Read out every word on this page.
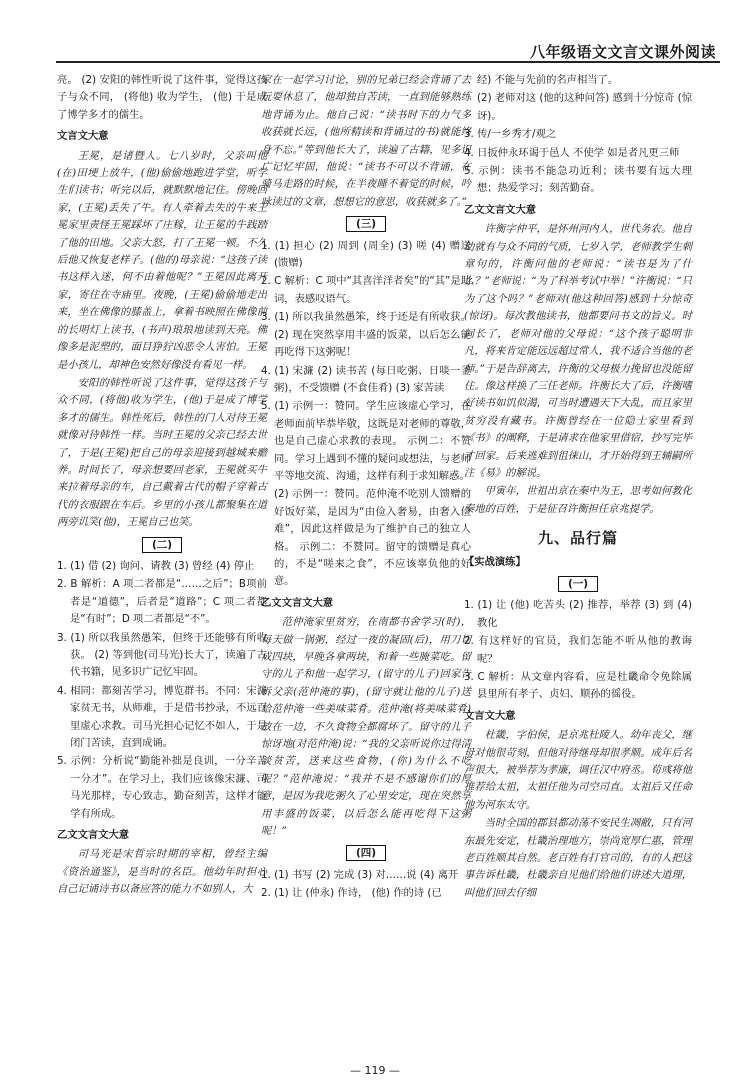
八年级语文文言文课外阅读

亮。 (2) 安阳的韩性听说了这件事，觉得这孩子与众不同， (将他) 收为学生， (他) 于是成了博学多才的儒生。

文言文大意

王冕，是诸暨人。七八岁时，父亲叫他(在)田埂上放牛，(他)偷偷地跑进学堂，听学生们读书；听完以后，就默默地记住。傍晚回家，(王冕)丢失了牛。有人牵着去失的牛来王冕家里责怪王冕踩坏了庄稼，让王冕的牛践踏了他的田地。父亲大怒，打了王冕一顿。不久后他又恢复老样子。(他的)母亲说：“这孩子读书这样入迷，何不由着他呢？”王冕因此离开家，寄住在寺庙里。夜晚，(王冕)偷偷地走出来，坐在佛像的膝盖上，拿着书映照在佛像前的长明灯上读书，(书声)琅琅地读到天亮。佛像多是泥塑的，面目狰狞凶恶令人害怕。王冕是小孩儿，却神色安然好像没有看见一样。

安阳的韩性听说了这件事，觉得这孩子与众不同，(将他)收为学生，(他)于是成了博学多才的儒生。韩性死后，韩性的门人对待王冕就像对待韩性一样。当时王冕的父亲已经去世了，于是(王冕)把自己的母亲迎接到越城来赡养。时间长了，母亲想要回老家，王冕就买牛来拉着母亲的车，自己戴着古代的帽子穿着古代的衣服跟在车后。乡里的小孩儿都聚集在道两旁讥笑(他)，王冕自己也笑。

(二)

1. (1) 借 (2) 询问、请教 (3) 曾经 (4) 停止

2. B 解析：A 项二者都是“……之后”；B项前者是“道德”，后者是“道路”；C 项二者都是“有时”；D 项二者都是“不”。

3. (1) 所以我虽然愚笨，但终于还能够有所收获。 (2) 等到他(司马光)长大了，读遍了古代书籍，见多识广记忆牢固。

4. 相同：都刻苦学习，博览群书。不同：宋濂家贫无书，从师难，于是借书抄录，不远百里虚心求教。司马光担心记忆不如人，于是闭门苦读，直到成诵。

5. 示例：分析说“勤能补拙是良训，一分辛苦一分才”。在学习上，我们应该像宋濂、司马光那样，专心致志，勤奋刻苦，这样才能学有所成。

乙文文言文大意

司马光是宋哲宗时期的宰相，曾经主编《资治通鉴》，是当时的名臣。他幼年时担心自己记诵诗书以备应答的能力不如别人，大

家在一起学习讨论，别的兄弟已经会背诵了去玩耍休息了，他却独自苦读，一直到能够熟练地背诵为止。他自己说：“读书时下的力气多收获就长远，(他所精读和背诵过的书)就能终身不忘。”等到他长大了，读遍了古籍，见多识广记忆牢固，他说：“读书不可以不背诵，在骑马走路的时候，在半夜睡不着觉的时候，吟咏读过的文章，想想它的意思，收获就多了。”

(三)

1. (1) 担心 (2) 周到 (周全) (3) 嗟 (4) 赠送 (馈赠)

2. C 解析：C 项中“其喜洋洋者矣”的“其”是助词，表感叹语气。

3. (1) 所以我虽然愚笨，终于还是有所收获。 (2) 现在突然享用丰盛的饭菜，以后怎么能再吃得下这粥呢！

4. (1) 宋濂 (2) 读书苦 (每日吃粥、日啖一釜粥)，不受馈赠 (不食佳肴) (3) 家苦读

5. (1) 示例一：赞同。学生应该虚心学习，在老师面前毕恭毕敬，这既是对老师的尊敬，也是自己虚心求教的表现。 示例二：不赞同。学习上遇到不懂的疑问或想法，与老师平等地交流、沟通，这样有利于求知解惑。

(2) 示例一：赞同。范仲淹不吃别人馈赠的好饭好菜，是因为“由俭入奢易，由奢入俭难”，因此这样做是为了维护自己的独立人格。 示例二：不赞同。留守的馈赠是真心的，不是“嗟来之食”，不应该辜负他的好意。

乙文文言文大意

范仲淹家里贫穷，在南都书舍学习(时)，每天做一锅粥，经过一夜的凝固(后)，用刀切成四块，早晚各拿两块，和着一些腌菜吃。留守的儿子和他一起学习，(留守的儿子)回家告诉父亲(范仲淹的事)，(留守就让他的儿子)送给范仲淹一些美味菜肴。范仲淹(将美味菜肴)放在一边，不久食物全都腐坏了。留守的儿子惊讶地(对范仲淹)说：“我的父亲听说你过得清淡贫苦，送来这些食物，(你)为什么不吃呢？”范仲淹说：“我并不是不感谢你们的厚意，是因为我吃粥久了心里安定，现在突然享用丰盛的饭菜，以后怎么能再吃得下这粥呢！”

(四)

1. (1) 书写 (2) 完成 (3) 对……说 (4) 离开

2. (1) 让 (仲永) 作诗， (他) 作的诗 (已

经) 不能与先前的名声相当了。

(2) 老师对这 (他的这种问答) 感到十分惊奇 (惊讶)。

3. 传/一乡秀才/观之

4. 日扳仲永环谒于邑人 不使学 如是者凡更三师

5. 示例：读书不能急功近利；读书要有远大理想；热爱学习；刻苦勤奋。

乙文文言文大意

许衡字仲平，是怀州河内人，世代务农。他自幼就有与众不同的气质，七岁入学，老师教学生刺章句的，许衡问他的老师说：“读书是为了什么？”老师说：“为了科举考试中举！”许衡说：“只为了这个吗？”老师对(他这种回答)感到十分惊奇(惊讶)。每次教他读书，他都要问书文的旨义。时间长了，老师对他的父母说：“这个孩子聪明非凡，将来肯定能远远超过常人，我不适合当他的老师。”于是告辞离去，许衡的父母极力挽留也没能留住。像这样换了三任老师。许衡长大了后，许衡嗜好读书如饥似渴，可当时遭遇天下大乱，而且家里贫穷没有藏书。许衡曾经在一位隐士家里看到《书》的阐释，于是请求在他家里借宿，抄写完毕才回家。后来逃难到徂徕山，才开始得到王辅嗣所注《易》的解说。

甲寅年，世祖出京在秦中为王，思考如何教化秦地的百姓，于是征召许衡担任京兆提学。

九、品行篇

【实战演练】

(一)

1. (1) 让 (他) 吃苦头 (2) 推荐，举荐 (3) 到 (4) 教化

2. 有这样好的官员，我们怎能不听从他的教诲呢？

3. C 解析：从文章内容看，应是杜畿命令免除属县里所有孝子、贞妇、顺孙的徭役。

文言文大意

杜畿，字伯侯，是京兆杜陵人。幼年丧父，继母对他很苛刻，但他对待继母却很孝顺。成年后名声很大，被举荐为孝廉，调任汉中府丞。荀彧将他推荐给太祖，太祖任他为司空司直。太祖后又任命他为河东太守。

当时全国的郡县都动荡不安民生凋敝，只有河东最先安定，杜畿治理地方，崇尚宽厚仁惠，管理老百姓顺其自然。老百姓有打官司的，有的人把这事告诉杜畿，杜畿亲自见他们给他们讲述大道理，叫他们回去仔细

— 119 —
